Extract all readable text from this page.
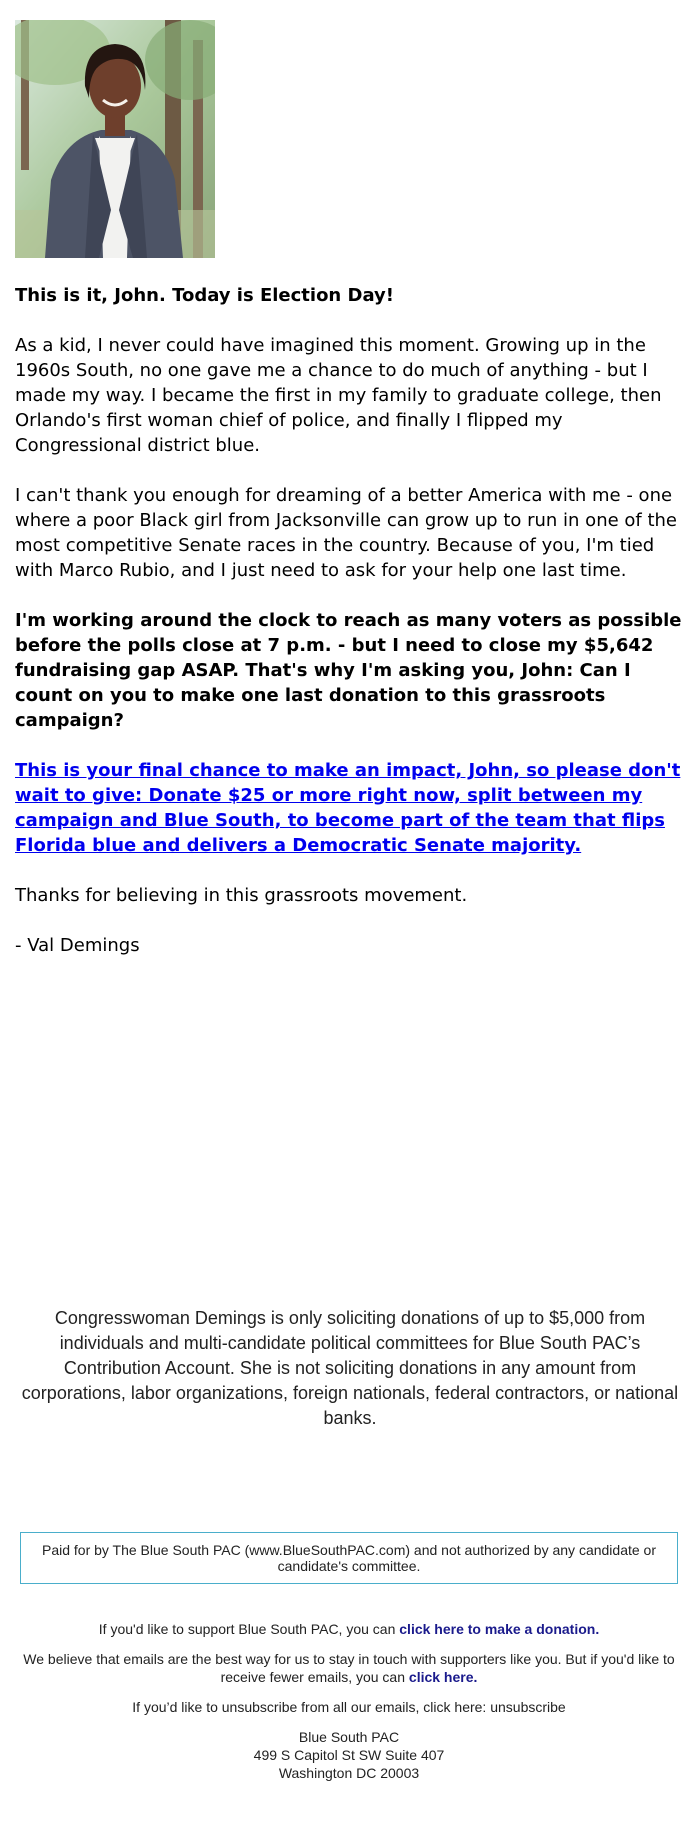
This is it, John. Today is Election Day!

As a kid, I never could have imagined this moment. Growing up in the 1960s South, no one gave me a chance to do much of anything - but I made my way. I became the first in my family to graduate college, then Orlando's first woman chief of police, and finally I flipped my Congressional district blue.

I can't thank you enough for dreaming of a better America with me - one where a poor Black girl from Jacksonville can grow up to run in one of the most competitive Senate races in the country. Because of you, I'm tied with Marco Rubio, and I just need to ask for your help one last time.

I'm working around the clock to reach as many voters as possible before the polls close at 7 p.m. - but I need to close my $5,642 fundraising gap ASAP. That's why I'm asking you, John: Can I count on you to make one last donation to this grassroots campaign?

This is your final chance to make an impact, John, so please don't wait to give: Donate $25 or more right now, split between my campaign and Blue South, to become part of the team that flips Florida blue and delivers a Democratic Senate majority.

Thanks for believing in this grassroots movement.

- Val Demings

Congresswoman Demings is only soliciting donations of up to $5,000 from individuals and multi-candidate political committees for Blue South PAC’s Contribution Account. She is not soliciting donations in any amount from corporations, labor organizations, foreign nationals, federal contractors, or national banks.
Paid for by The Blue South PAC (www.BlueSouthPAC.com) and not authorized by any candidate or candidate's committee.

If you'd like to support Blue South PAC, you can click here to make a donation.

We believe that emails are the best way for us to stay in touch with supporters like you. But if you'd like to receive fewer emails, you can click here.

If you’d like to unsubscribe from all our emails, click here: unsubscribe

Blue South PAC
499 S Capitol St SW Suite 407
Washington DC 20003
